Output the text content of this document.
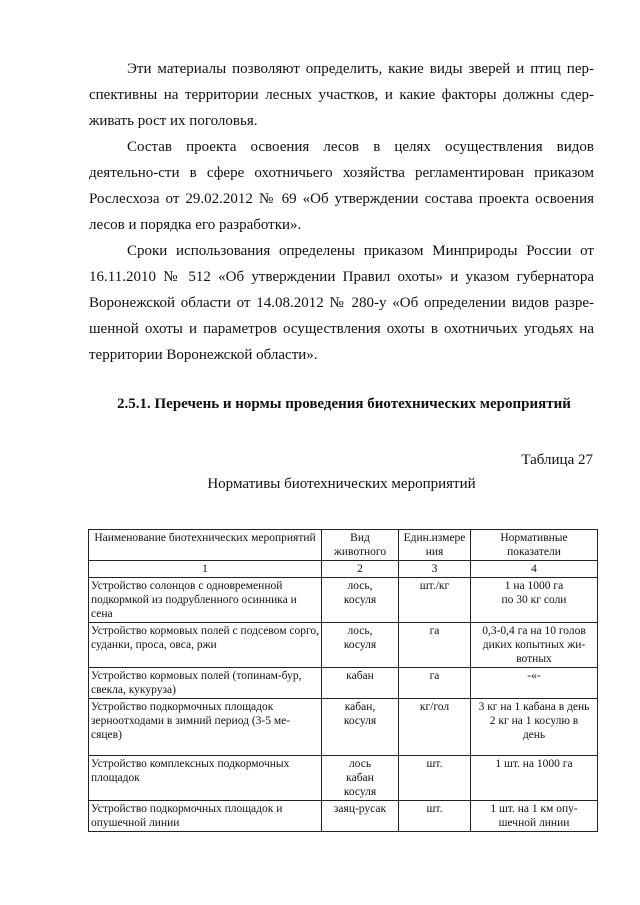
Эти материалы позволяют определить, какие виды зверей и птиц пер-спективны на территории лесных участков, и какие факторы должны сдер-живать рост их поголовья.

Состав проекта освоения лесов в целях осуществления видов деятельно-сти в сфере охотничьего хозяйства регламентирован приказом Рослесхоза от 29.02.2012 № 69 «Об утверждении состава проекта освоения лесов и порядка его разработки».

Сроки использования определены приказом Минприроды России от 16.11.2010 № 512 «Об утверждении Правил охоты» и указом губернатора Воронежской области от 14.08.2012 № 280-у «Об определении видов разре-шенной охоты и параметров осуществления охоты в охотничьих угодьях на территории Воронежской области».

2.5.1. Перечень и нормы проведения биотехнических мероприятий
Таблица 27
Нормативы биотехнических мероприятий
Наименование биотехнических мероприятий	Вид животного	Един.измере ния	Нормативные показатели
1	2	3	4
Устройство солонцов с одновременной подкормкой из подрубленного осинника и сена	лось,
косуля	шт./кг	1 на 1000 га
по 30 кг соли

Устройство кормовых полей с подсевом сорго, суданки, проса, овса, ржи	лось,
косуля	га	0,3-0,4 га на 10 голов
диких копытных жи-
вотных

Устройство кормовых полей (топинам-бур, свекла, кукуруза)	кабан	га	-«-

Устройство подкормочных площадок зерноотходами в зимний период (3-5 ме-сяцев)	кабан,
косуля	кг/гол	3 кг на 1 кабана в день
2 кг на 1 косулю в
день

Устройство комплексных подкормочных площадок	лось
кабан
косуля	шт.	1 шт. на 1000 га

Устройство подкормочных площадок и опушечной линии	заяц-русак	шт.	1 шт. на 1 км опу-
шечной линии
